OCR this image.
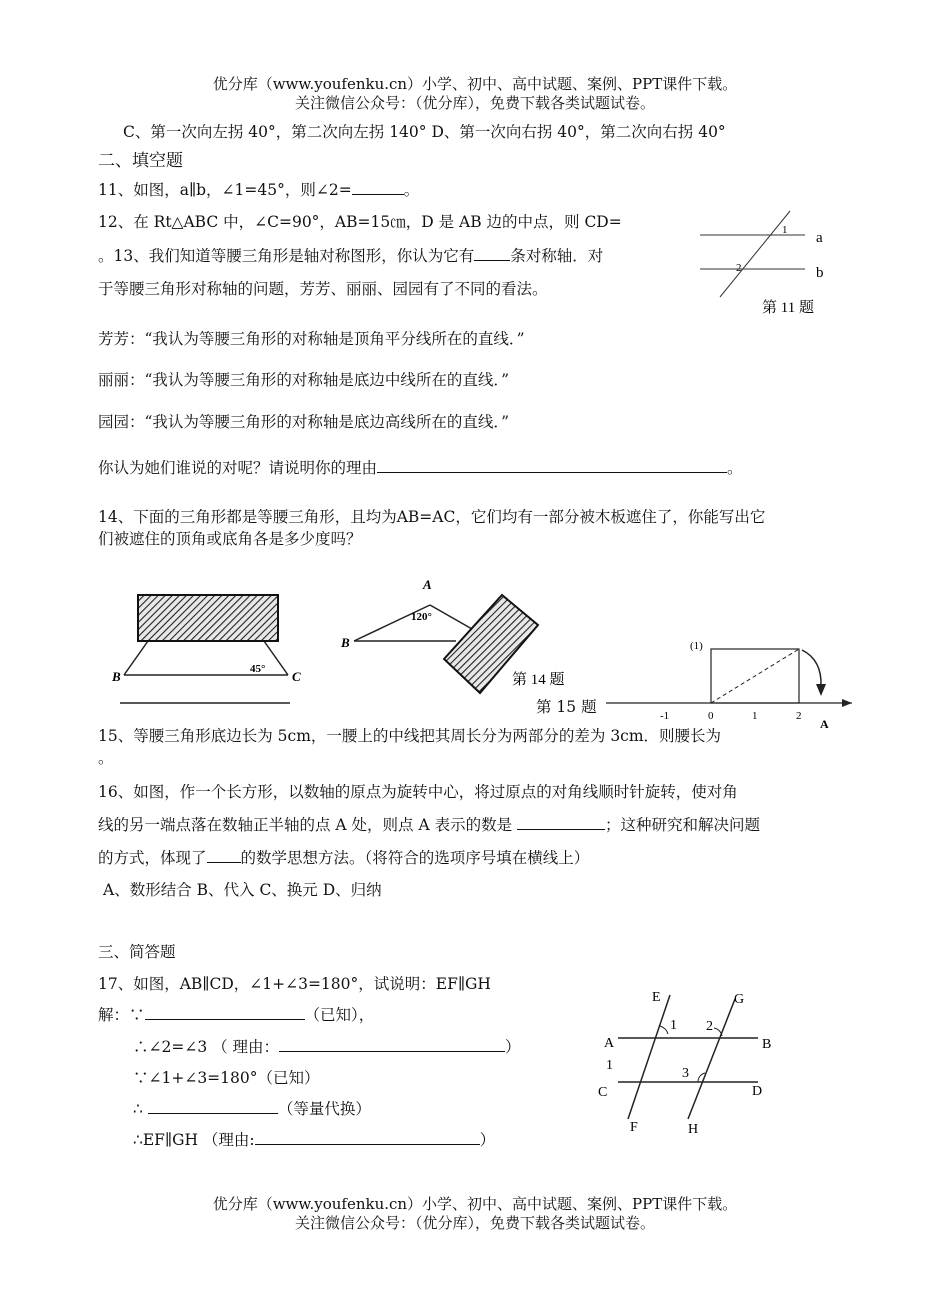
优分库（www.youfenku.cn）小学、初中、高中试题、案例、PPT课件下载。
关注微信公众号：（优分库），免费下载各类试题试卷。
C、第一次向左拐 40°，第二次向左拐 140° D、第一次向右拐 40°，第二次向右拐 40°
二、填空题
11、如图，a∥b，∠1=45°，则∠2=	。
12、在 Rt△ABC 中，∠C=90°，AB=15㎝，D 是 AB 边的中点，则 CD=
。13、我们知道等腰三角形是轴对称图形，你认为它有 条对称轴．对
于等腰三角形对称轴的问题，芳芳、丽丽、园园有了不同的看法。
芳芳：“我认为等腰三角形的对称轴是顶角平分线所在的直线．”
丽丽：“我认为等腰三角形的对称轴是底边中线所在的直线．”
园园：“我认为等腰三角形的对称轴是底边高线所在的直线．”
你认为她们谁说的对呢？请说明你的理由	。
a
b
1
2
第 11 题
14、下面的三角形都是等腰三角形，且均为AB=AC，它们均有一部分被木板遮住了，你能写出它
们被遮住的顶角或底角各是多少度吗？
B	C
45°
A
B
120°
第 14 题
第 15 题
(1)
-1	0	1	2
A
15、等腰三角形底边长为 5cm，一腰上的中线把其周长分为两部分的差为 3cm．则腰长为
。
16、如图，作一个长方形，以数轴的原点为旋转中心，将过原点的对角线顺时针旋转，使对角
线的另一端点落在数轴正半轴的点 A 处，则点 A 表示的数是	；这种研究和解决问题
的方式，体现了 的数学思想方法。（将符合的选项序号填在横线上）
A、数形结合 B、代入 C、换元 D、归纳
三、简答题
17、如图，AB∥CD，∠1+∠3=180°，试说明：EF∥GH
解：∵	（已知），
∴∠2=∠3 （ 理由：	）
∵∠1+∠3=180°（已知）
∴	（等量代换）
∴EF∥GH （理由:	）
E	G
A	B
C	D
F	H
1
1
2
3
优分库（www.youfenku.cn）小学、初中、高中试题、案例、PPT课件下载。
关注微信公众号：（优分库），免费下载各类试题试卷。
